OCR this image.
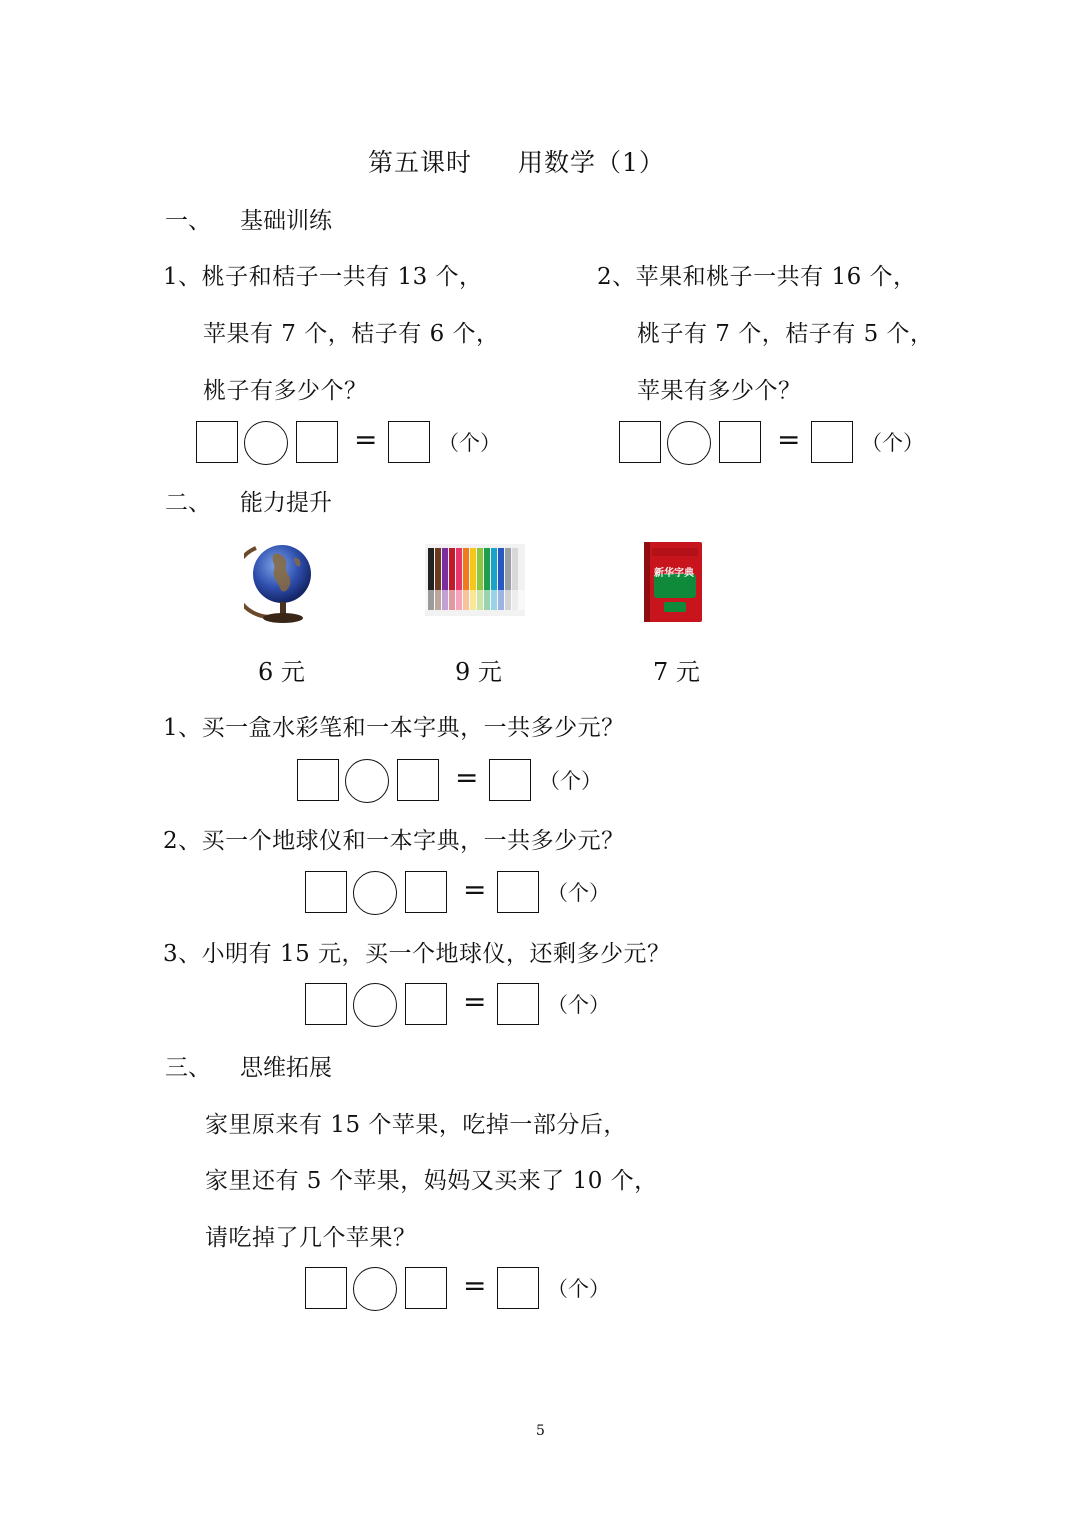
第五课时 用数学（1）
一、 基础训练
1、桃子和桔子一共有 13 个，
苹果有 7 个，桔子有 6 个，
桃子有多少个？
2、苹果和桃子一共有 16 个，
桃子有 7 个，桔子有 5 个，
苹果有多少个？
=	（个）	=	（个）
二、 能力提升
新华字典
6 元	9 元	7 元
1、买一盒水彩笔和一本字典，一共多少元？
=	（个）
2、买一个地球仪和一本字典，一共多少元？
=	（个）
3、小明有 15 元，买一个地球仪，还剩多少元？
=	（个）
三、 思维拓展
家里原来有 15 个苹果，吃掉一部分后，
家里还有 5 个苹果，妈妈又买来了 10 个，
请吃掉了几个苹果？
=	（个）
5
